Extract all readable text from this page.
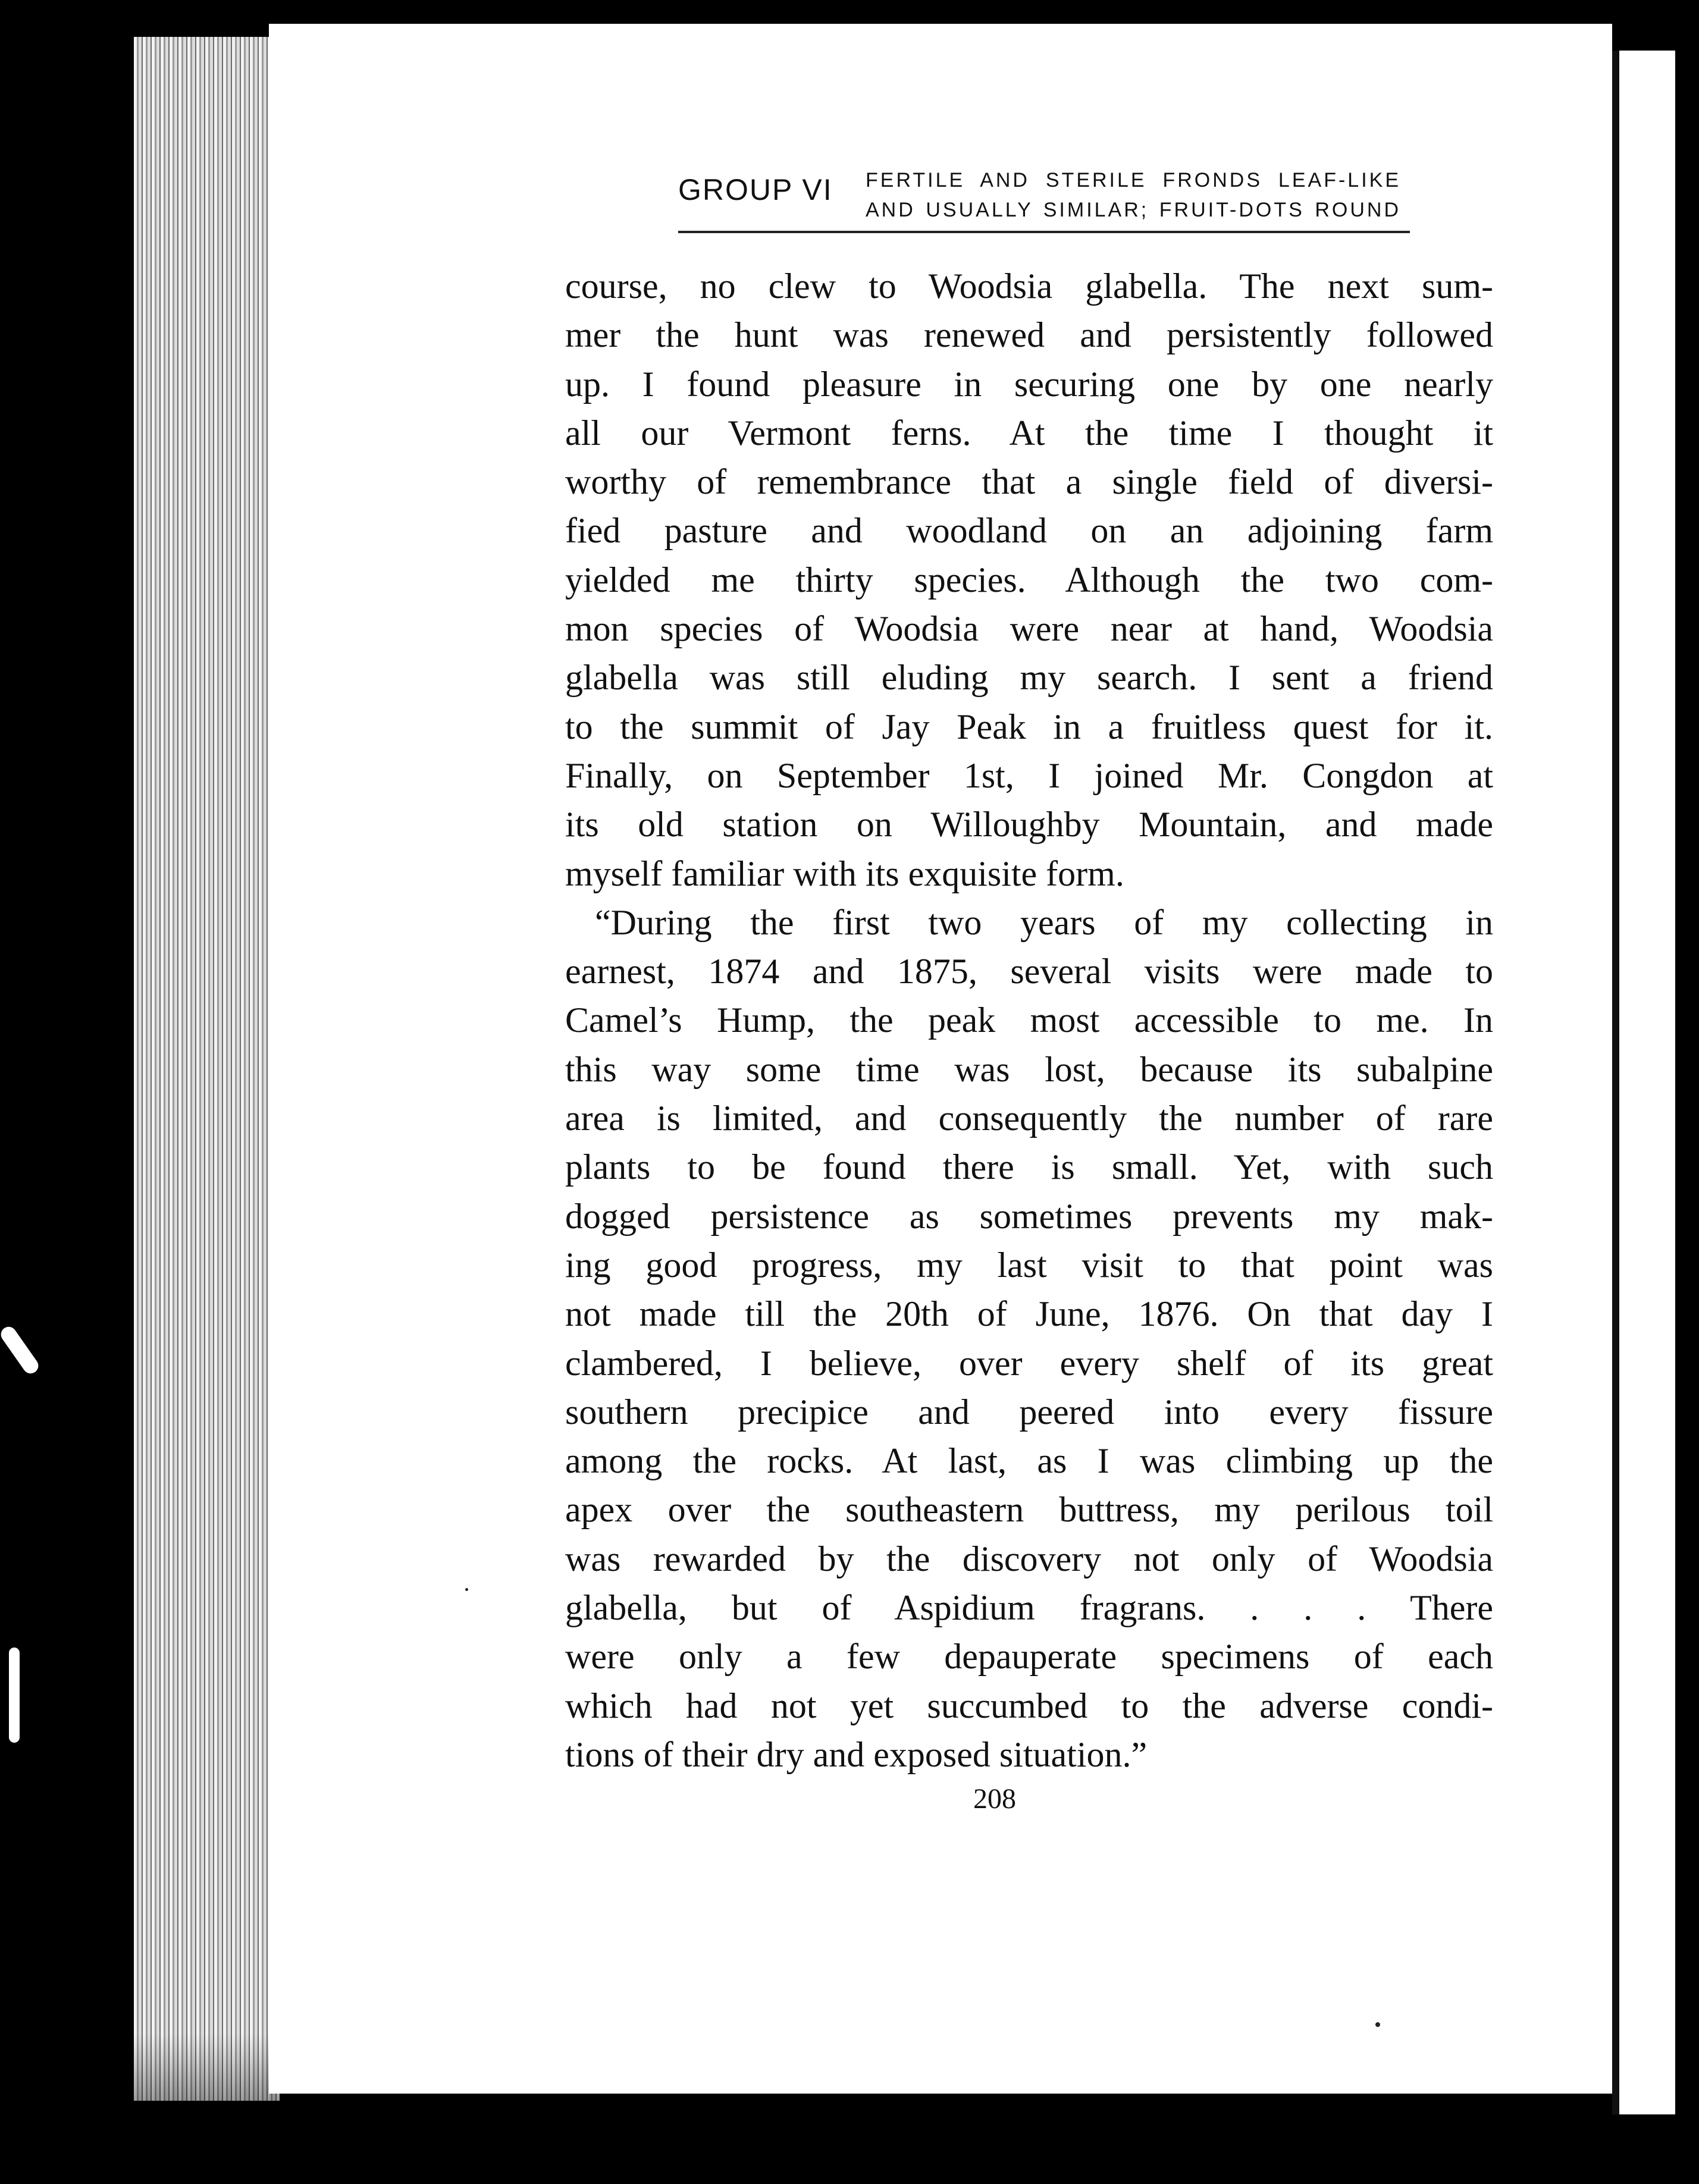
GROUP VI FERTILE AND STERILE FRONDS LEAF-LIKE
AND USUALLY SIMILAR; FRUIT-DOTS ROUND
course, no clew to Woodsia glabella. The next sum-
mer the hunt was renewed and persistently followed
up. I found pleasure in securing one by one nearly
all our Vermont ferns. At the time I thought it
worthy of remembrance that a single field of diversi-
fied pasture and woodland on an adjoining farm
yielded me thirty species. Although the two com-
mon species of Woodsia were near at hand, Woodsia
glabella was still eluding my search. I sent a friend
to the summit of Jay Peak in a fruitless quest for it.
Finally, on September 1st, I joined Mr. Congdon at
its old station on Willoughby Mountain, and made
myself familiar with its exquisite form.
“During the first two years of my collecting in
earnest, 1874 and 1875, several visits were made to
Camel’s Hump, the peak most accessible to me. In
this way some time was lost, because its subalpine
area is limited, and consequently the number of rare
plants to be found there is small. Yet, with such
dogged persistence as sometimes prevents my mak-
ing good progress, my last visit to that point was
not made till the 20th of June, 1876. On that day I
clambered, I believe, over every shelf of its great
southern precipice and peered into every fissure
among the rocks. At last, as I was climbing up the
apex over the southeastern buttress, my perilous toil
was rewarded by the discovery not only of Woodsia
glabella, but of Aspidium fragrans. . . . There
were only a few depauperate specimens of each
which had not yet succumbed to the adverse condi-
tions of their dry and exposed situation.”
208
